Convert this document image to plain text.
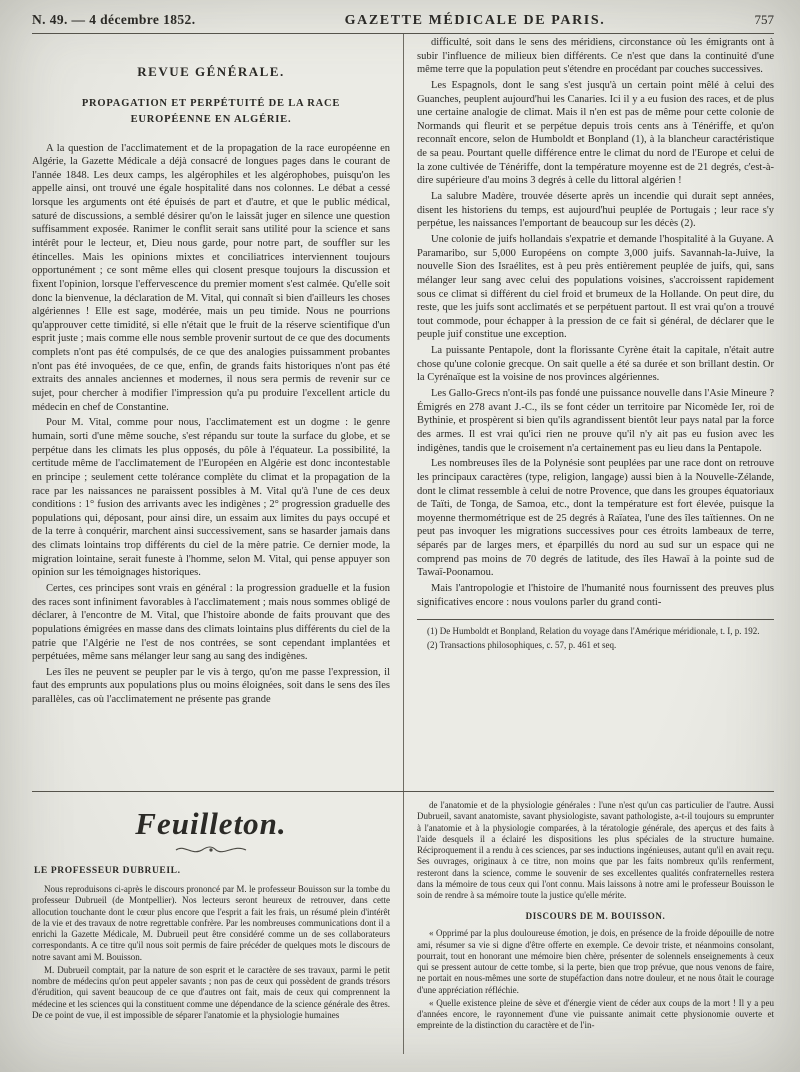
N. 49. — 4 décembre 1852.	GAZETTE MÉDICALE DE PARIS.	757
REVUE GÉNÉRALE.
PROPAGATION ET PERPÉTUITÉ DE LA RACE EUROPÉENNE EN ALGÉRIE.

A la question de l'acclimatement et de la propagation de la race européenne en Algérie, la Gazette Médicale a déjà consacré de longues pages dans le courant de l'année 1848. Les deux camps, les algérophiles et les algérophobes, puisqu'on les appelle ainsi, ont trouvé une égale hospitalité dans nos colonnes. Le débat a cessé lorsque les arguments ont été épuisés de part et d'autre, et que le public médical, saturé de discussions, a semblé désirer qu'on le laissât juger en silence une question suffisamment exposée. Ranimer le conflit serait sans utilité pour la science et sans intérêt pour le lecteur, et, Dieu nous garde, pour notre part, de souffler sur les étincelles. Mais les opinions mixtes et conciliatrices interviennent toujours opportunément ; ce sont même elles qui closent presque toujours la discussion et fixent l'opinion, lorsque l'effervescence du premier moment s'est calmée. Qu'elle soit donc la bienvenue, la déclaration de M. Vital, qui connaît si bien d'ailleurs les choses algériennes ! Elle est sage, modérée, mais un peu timide. Nous ne pourrions qu'approuver cette timidité, si elle n'était que le fruit de la réserve scientifique d'un esprit juste ; mais comme elle nous semble provenir surtout de ce que des documents complets n'ont pas été compulsés, de ce que des analogies puissamment probantes n'ont pas été invoquées, de ce que, enfin, de grands faits historiques n'ont pas été extraits des annales anciennes et modernes, il nous sera permis de revenir sur ce sujet, pour chercher à modifier l'impression qu'a pu produire l'excellent article du médecin en chef de Constantine.

Pour M. Vital, comme pour nous, l'acclimatement est un dogme : le genre humain, sorti d'une même souche, s'est répandu sur toute la surface du globe, et se perpétue dans les climats les plus opposés, du pôle à l'équateur. La possibilité, la certitude même de l'acclimatement de l'Européen en Algérie est donc incontestable en principe ; seulement cette tolérance complète du climat et la propagation de la race par les naissances ne paraissent possibles à M. Vital qu'à l'une de ces deux conditions : 1° fusion des arrivants avec les indigènes ; 2° progression graduelle des populations qui, déposant, pour ainsi dire, un essaim aux limites du pays occupé et de la terre à conquérir, marchent ainsi successivement, sans se hasarder jamais dans des climats lointains trop différents du ciel de la mère patrie. Ce dernier mode, la migration lointaine, serait funeste à l'homme, selon M. Vital, qui pense appuyer son opinion sur les témoignages historiques.

Certes, ces principes sont vrais en général : la progression graduelle et la fusion des races sont infiniment favorables à l'acclimatement ; mais nous sommes obligé de déclarer, à l'encontre de M. Vital, que l'histoire abonde de faits prouvant que des populations émigrées en masse dans des climats lointains plus différents du ciel de la patrie que l'Algérie ne l'est de nos contrées, se sont cependant implantées et perpétuées, même sans mélanger leur sang au sang des indigènes.

Les îles ne peuvent se peupler par le vis à tergo, qu'on me passe l'expression, il faut des emprunts aux populations plus ou moins éloignées, soit dans le sens des îles parallèles, cas où l'acclimatement ne présente pas grande

difficulté, soit dans le sens des méridiens, circonstance où les émigrants ont à subir l'influence de milieux bien différents. Ce n'est que dans la continuité d'une même terre que la population peut s'étendre en procédant par couches successives.

Les Espagnols, dont le sang s'est jusqu'à un certain point mêlé à celui des Guanches, peuplent aujourd'hui les Canaries. Ici il y a eu fusion des races, et de plus une certaine analogie de climat. Mais il n'en est pas de même pour cette colonie de Normands qui fleurit et se perpétue depuis trois cents ans à Ténériffe, et qu'on reconnaît encore, selon de Humboldt et Bonpland (1), à la blancheur caractéristique de sa peau. Pourtant quelle différence entre le climat du nord de l'Europe et celui de la zone cultivée de Ténériffe, dont la température moyenne est de 21 degrés, c'est-à-dire supérieure d'au moins 3 degrés à celle du littoral algérien !

La salubre Madère, trouvée déserte après un incendie qui durait sept années, disent les historiens du temps, est aujourd'hui peuplée de Portugais ; leur race s'y perpétue, les naissances l'emportant de beaucoup sur les décès (2).

Une colonie de juifs hollandais s'expatrie et demande l'hospitalité à la Guyane. A Paramaribo, sur 5,000 Européens on compte 3,000 juifs. Savannah-la-Juive, la nouvelle Sion des Israélites, est à peu près entièrement peuplée de juifs, qui, sans mélanger leur sang avec celui des populations voisines, s'accroissent rapidement sous ce climat si différent du ciel froid et brumeux de la Hollande. On peut dire, du reste, que les juifs sont acclimatés et se perpétuent partout. Il est vrai qu'on a trouvé tout commode, pour échapper à la pression de ce fait si général, de déclarer que le peuple juif constitue une exception.

La puissante Pentapole, dont la florissante Cyrène était la capitale, n'était autre chose qu'une colonie grecque. On sait quelle a été sa durée et son brillant destin. Or la Cyrénaïque est la voisine de nos provinces algériennes.

Les Gallo-Grecs n'ont-ils pas fondé une puissance nouvelle dans l'Asie Mineure ? Émigrés en 278 avant J.-C., ils se font céder un territoire par Nicomède Ier, roi de Bythinie, et prospèrent si bien qu'ils agrandissent bientôt leur pays natal par la force des armes. Il est vrai qu'ici rien ne prouve qu'il n'y ait pas eu fusion avec les indigènes, tandis que le croisement n'a certainement pas eu lieu dans la Pentapole.

Les nombreuses îles de la Polynésie sont peuplées par une race dont on retrouve les principaux caractères (type, religion, langage) aussi bien à la Nouvelle-Zélande, dont le climat ressemble à celui de notre Provence, que dans les groupes équatoriaux de Taïti, de Tonga, de Samoa, etc., dont la température est fort élevée, puisque la moyenne thermométrique est de 25 degrés à Raïatea, l'une des îles taïtiennes. On ne peut pas invoquer les migrations successives pour ces étroits lambeaux de terre, séparés par de larges mers, et éparpillés du nord au sud sur un espace qui ne comprend pas moins de 70 degrés de latitude, des îles Hawaï à la pointe sud de Tawaï-Poonamou.

Mais l'antropologie et l'histoire de l'humanité nous fournissent des preuves plus significatives encore : nous voulons parler du grand conti-

(1) De Humboldt et Bonpland, Relation du voyage dans l'Amérique méridionale, t. I, p. 192.

(2) Transactions philosophiques, c. 57, p. 461 et seq.

Feuilleton.
LE PROFESSEUR DUBRUEIL.

Nous reproduisons ci-après le discours prononcé par M. le professeur Bouisson sur la tombe du professeur Dubrueil (de Montpellier). Nos lecteurs seront heureux de retrouver, dans cette allocution touchante dont le cœur plus encore que l'esprit a fait les frais, un résumé plein d'intérêt de la vie et des travaux de notre regrettable confrère. Par les nombreuses communications dont il a enrichi la Gazette Médicale, M. Dubrueil peut être considéré comme un de ses collaborateurs correspondants. A ce titre qu'il nous soit permis de faire précéder de quelques mots le discours de notre savant ami M. Bouisson.

M. Dubrueil comptait, par la nature de son esprit et le caractère de ses travaux, parmi le petit nombre de médecins qu'on peut appeler savants ; non pas de ceux qui possèdent de grands trésors d'érudition, qui savent beaucoup de ce que d'autres ont fait, mais de ceux qui comprennent la médecine et les sciences qui la constituent comme une dépendance de la science générale des êtres. De ce point de vue, il est impossible de séparer l'anatomie et la physiologie humaines

de l'anatomie et de la physiologie générales : l'une n'est qu'un cas particulier de l'autre. Aussi Dubrueil, savant anatomiste, savant physiologiste, savant pathologiste, a-t-il toujours su emprunter à l'anatomie et à la physiologie comparées, à la tératologie générale, des aperçus et des faits à l'aide desquels il a éclairé les dispositions les plus spéciales de la structure humaine. Réciproquement il a rendu à ces sciences, par ses inductions ingénieuses, autant qu'il en avait reçu. Ses ouvrages, originaux à ce titre, non moins que par les faits nombreux qu'ils renferment, resteront dans la science, comme le souvenir de ses excellentes qualités confraternelles restera dans la mémoire de tous ceux qui l'ont connu. Mais laissons à notre ami le professeur Bouisson le soin de rendre à sa mémoire toute la justice qu'elle mérite.

DISCOURS DE M. BOUISSON.

« Opprimé par la plus douloureuse émotion, je dois, en présence de la froide dépouille de notre ami, résumer sa vie si digne d'être offerte en exemple. Ce devoir triste, et néanmoins consolant, pourrait, tout en honorant une mémoire bien chère, présenter de solennels enseignements à ceux qui se pressent autour de cette tombe, si la perte, bien que trop prévue, que nous venons de faire, ne portait en nous-mêmes une sorte de stupéfaction dans notre douleur, et ne nous ôtait le courage d'une appréciation réfléchie.

« Quelle existence pleine de sève et d'énergie vient de céder aux coups de la mort ! Il y a peu d'années encore, le rayonnement d'une vie puissante animait cette physionomie ouverte et empreinte de la distinction du caractère et de l'in-
